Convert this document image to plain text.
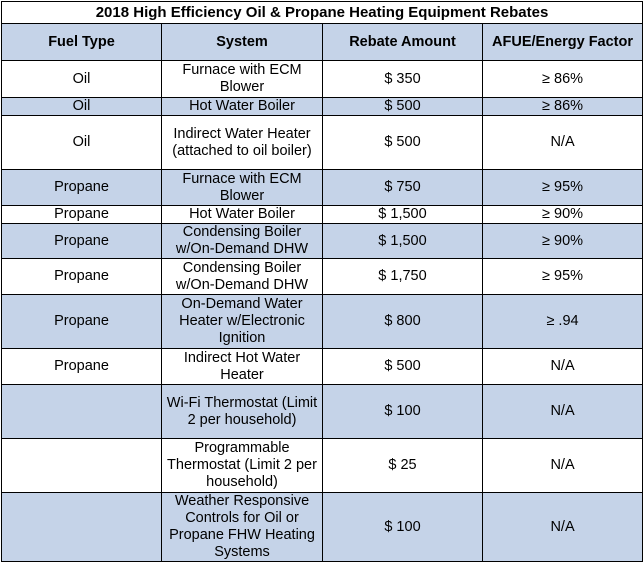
2018 High Efficiency Oil & Propane Heating Equipment Rebates			
Fuel Type	System	Rebate Amount	AFUE/Energy Factor
Oil	Furnace with ECM Blower	$ 350	≥ 86%
Oil	Hot Water Boiler	$ 500	≥ 86%
Oil	Indirect Water Heater (attached to oil boiler)	$ 500	N/A
Propane	Furnace with ECM Blower	$ 750	≥ 95%
Propane	Hot Water Boiler	$ 1,500	≥ 90%
Propane	Condensing Boiler w/On-Demand DHW	$ 1,500	≥ 90%
Propane	Condensing Boiler w/On-Demand DHW	$ 1,750	≥ 95%
Propane	On-Demand Water Heater w/Electronic Ignition	$ 800	≥ .94
Propane	Indirect Hot Water Heater	$ 500	N/A
	Wi-Fi Thermostat (Limit 2 per household)	$ 100	N/A
	Programmable Thermostat (Limit 2 per household)	$ 25	N/A
	Weather Responsive Controls for Oil or Propane FHW Heating Systems	$ 100	N/A
